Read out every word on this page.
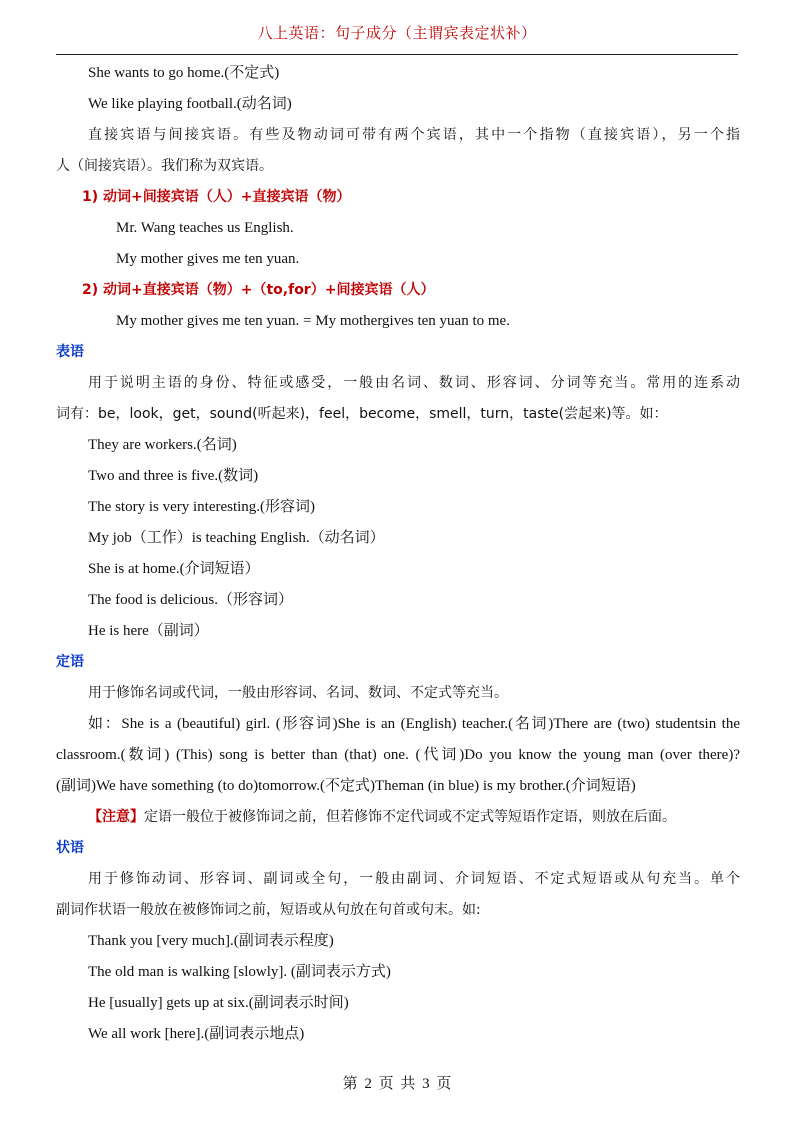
八上英语：句子成分（主谓宾表定状补）
She wants to go home.(不定式)
We like playing football.(动名词)
直接宾语与间接宾语。有些及物动词可带有两个宾语，其中一个指物（直接宾语），另一个指
人（间接宾语）。我们称为双宾语。
1) 动词+间接宾语（人）+直接宾语（物）
Mr. Wang teaches us English.
My mother gives me ten yuan.
2) 动词+直接宾语（物）+（to,for）+间接宾语（人）
My mother gives me ten yuan. = My mothergives ten yuan to me.
表语
用于说明主语的身份、特征或感受，一般由名词、数词、形容词、分词等充当。常用的连系动
词有：be，look，get，sound(听起来)，feel，become，smell，turn，taste(尝起来)等。如：
They are workers.(名词)
Two and three is five.(数词)
The story is very interesting.(形容词)
My job（工作）is teaching English.（动名词）
She is at home.(介词短语）
The food is delicious.（形容词）
He is here（副词）
定语
用于修饰名词或代词，一般由形容词、名词、数词、不定式等充当。
如：She is a (beautiful) girl. (形容词)She is an (English) teacher.(名词)There are (two) studentsin the
classroom.(数词) (This) song is better than (that) one. (代词)Do you know the young man (over there)?
(副词)We have something (to do)tomorrow.(不定式)Theman (in blue) is my brother.(介词短语)
【注意】定语一般位于被修饰词之前，但若修饰不定代词或不定式等短语作定语，则放在后面。
状语
用于修饰动词、形容词、副词或全句，一般由副词、介词短语、不定式短语或从句充当。单个
副词作状语一般放在被修饰词之前，短语或从句放在句首或句末。如:
Thank you [very much].(副词表示程度)
The old man is walking [slowly]. (副词表示方式)
He [usually] gets up at six.(副词表示时间)
We all work [here].(副词表示地点)
第 2 页 共 3 页
